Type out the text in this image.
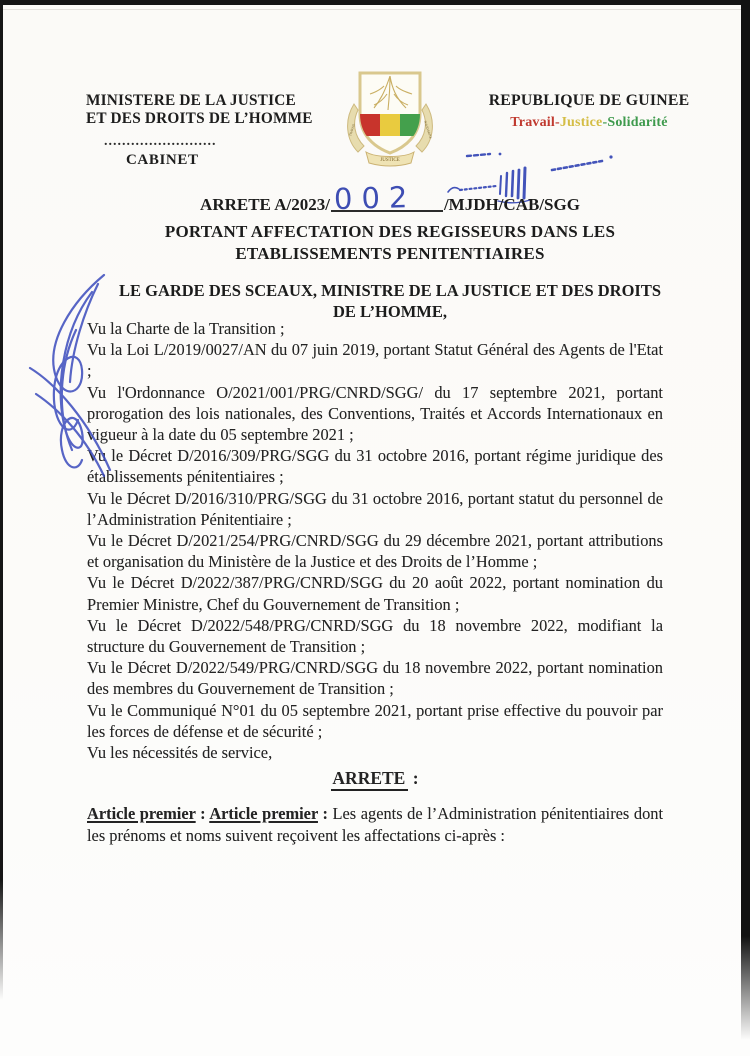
MINISTERE DE LA JUSTICE
ET DES DROITS DE L’HOMME
.........................
CABINET	JUSTICE
TRAVAIL	SOLIDARITE
REPUBLIQUE DE GUINEE
Travail-Justice-Solidarité
ARRETE A/2023/ 002 /MJDH/CAB/SGG
PORTANT AFFECTATION DES REGISSEURS DANS LES
ETABLISSEMENTS PENITENTIAIRES
LE GARDE DES SCEAUX, MINISTRE DE LA JUSTICE ET DES DROITS
DE L’HOMME,

Vu la Charte de la Transition ;

Vu la Loi L/2019/0027/AN du 07 juin 2019, portant Statut Général des Agents de l'Etat ;

Vu l'Ordonnance O/2021/001/PRG/CNRD/SGG/ du 17 septembre 2021, portant prorogation des lois nationales, des Conventions, Traités et Accords Internationaux en vigueur à la date du 05 septembre 2021 ;

Vu le Décret D/2016/309/PRG/SGG du 31 octobre 2016, portant régime juridique des établissements pénitentiaires ;

Vu le Décret D/2016/310/PRG/SGG du 31 octobre 2016, portant statut du personnel de l’Administration Pénitentiaire ;

Vu le Décret D/2021/254/PRG/CNRD/SGG du 29 décembre 2021, portant attributions et organisation du Ministère de la Justice et des Droits de l’Homme ;

Vu le Décret D/2022/387/PRG/CNRD/SGG du 20 août 2022, portant nomination du Premier Ministre, Chef du Gouvernement de Transition ;

Vu le Décret D/2022/548/PRG/CNRD/SGG du 18 novembre 2022, modifiant la structure du Gouvernement de Transition ;

Vu le Décret D/2022/549/PRG/CNRD/SGG du 18 novembre 2022, portant nomination des membres du Gouvernement de Transition ;

Vu le Communiqué N°01 du 05 septembre 2021, portant prise effective du pouvoir par les forces de défense et de sécurité ;

Vu les nécessités de service,

ARRETE :

Article premier : Article premier : Les agents de l’Administration pénitentiaires dont les prénoms et noms suivent reçoivent les affectations ci-après :
